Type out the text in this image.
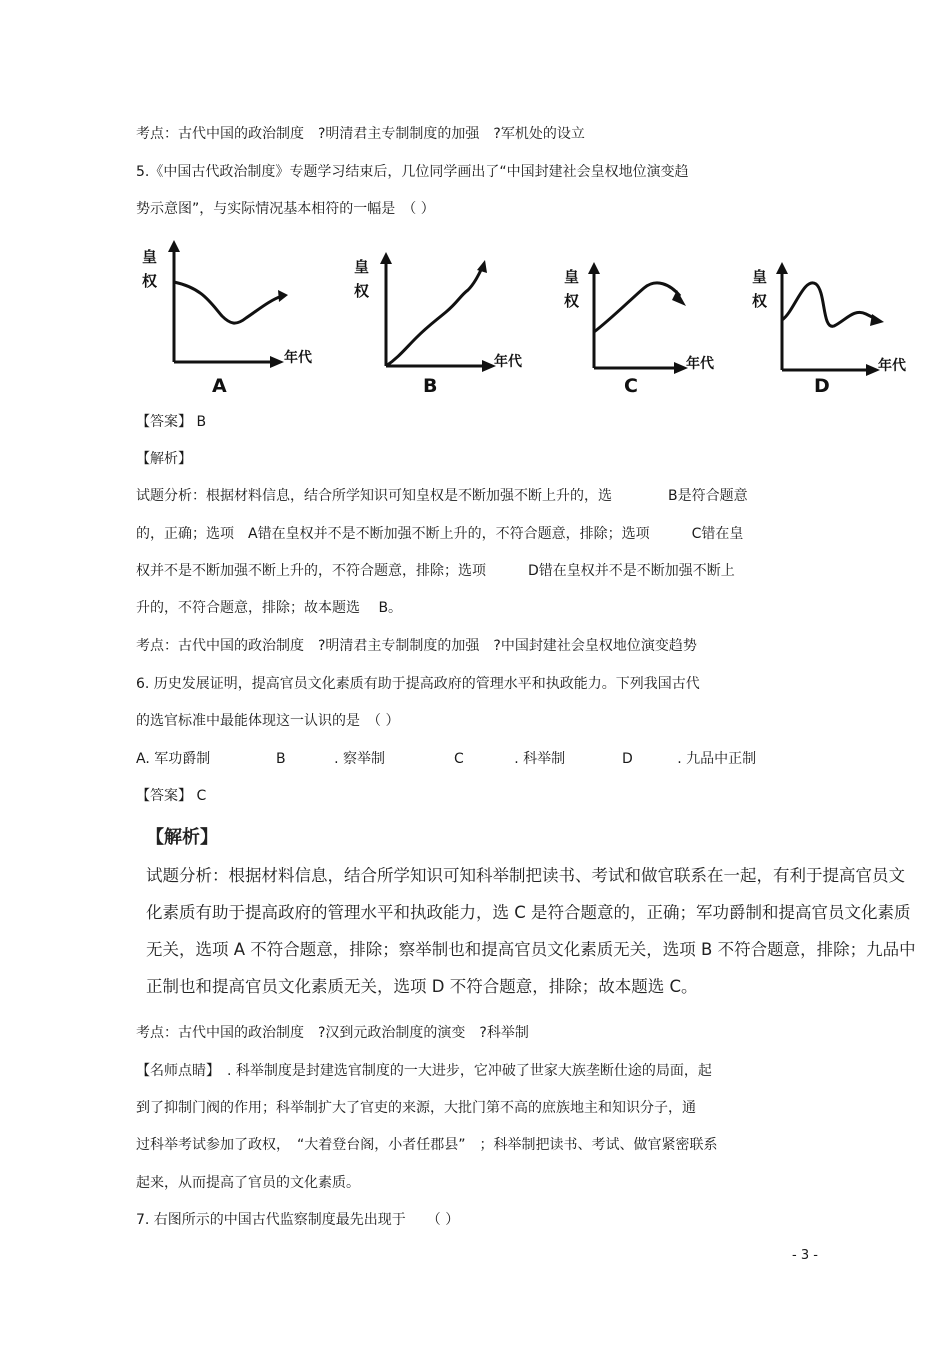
考点：古代中国的政治制度　?明清君主专制制度的加强　?军机处的设立
5.《中国古代政治制度》专题学习结束后，几位同学画出了“中国封建社会皇权地位演变趋
势示意图”，与实际情况基本相符的一幅是　（ ）
皇
权
年代
A
皇
权
年代
B
皇
权
年代
C
皇
权
年代
D
【答案】 B
【解析】
试题分析：根据材料信息，结合所学知识可知皇权是不断加强不断上升的，选　　　　B是符合题意
的，正确；选项　A错在皇权并不是不断加强不断上升的，不符合题意，排除；选项　　　C错在皇
权并不是不断加强不断上升的，不符合题意，排除；选项　　　D错在皇权并不是不断加强不断上
升的，不符合题意，排除；故本题选　 B。
考点：古代中国的政治制度　?明清君主专制制度的加强　?中国封建社会皇权地位演变趋势
6. 历史发展证明，提高官员文化素质有助于提高政府的管理水平和执政能力。下列我国古代
的选官标准中最能体现这一认识的是　（ ）
A. 军功爵制	B	. 察举制	C	. 科举制	D	. 九品中正制
【答案】 C
【解析】
试题分析：根据材料信息，结合所学知识可知科举制把读书、考试和做官联系在一起，有利于提高官员文
化素质有助于提高政府的管理水平和执政能力，选 C 是符合题意的，正确；军功爵制和提高官员文化素质
无关，选项 A 不符合题意，排除；察举制也和提高官员文化素质无关，选项 B 不符合题意，排除；九品中
正制也和提高官员文化素质无关，选项 D 不符合题意，排除；故本题选 C。
考点：古代中国的政治制度　?汉到元政治制度的演变　?科举制
【名师点睛】　. 科举制度是封建选官制度的一大进步，它冲破了世家大族垄断仕途的局面，起
到了抑制门阀的作用；科举制扩大了官吏的来源，大批门第不高的庶族地主和知识分子，通
过科举考试参加了政权，　“大着登台阁，小者任郡县”　；科举制把读书、考试、做官紧密联系
起来，从而提高了官员的文化素质。
7. 右图所示的中国古代监察制度最先出现于　　（ ）
- 3 -
